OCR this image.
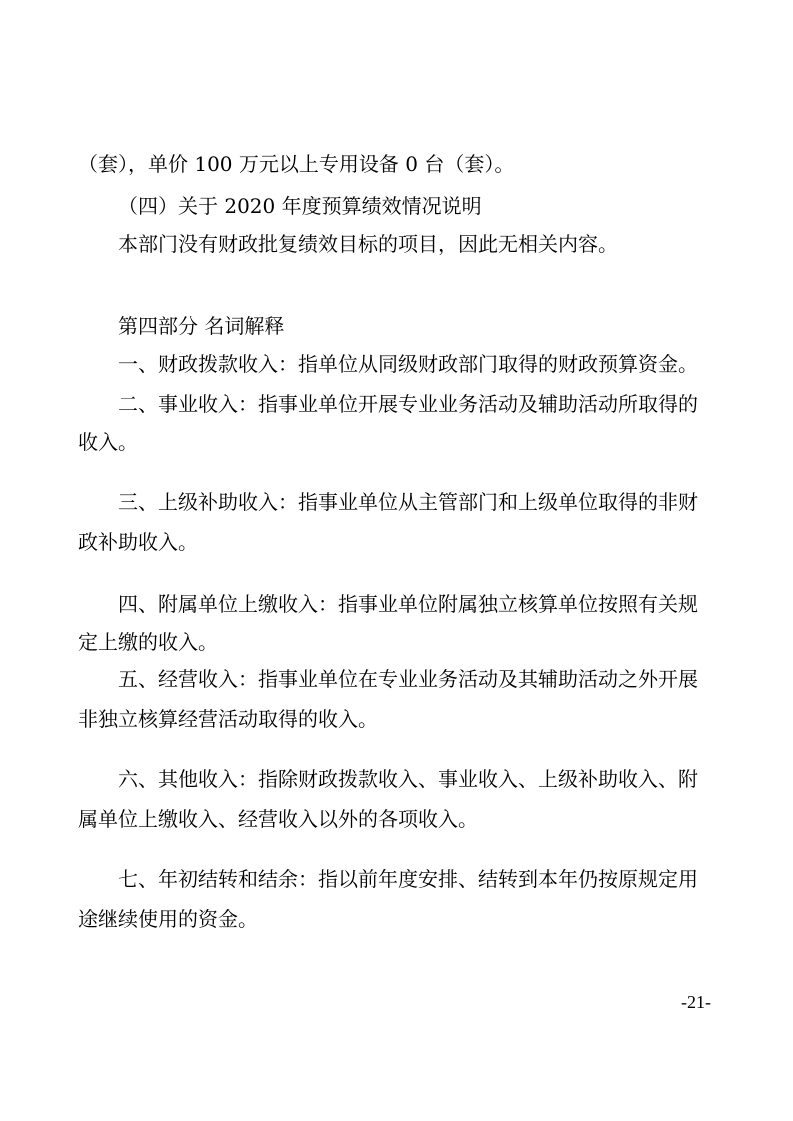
（套），单价 100 万元以上专用设备 0 台（套）。
（四）关于 2020 年度预算绩效情况说明
本部门没有财政批复绩效目标的项目，因此无相关内容。
第四部分 名词解释
一、财政拨款收入：指单位从同级财政部门取得的财政预算资金。
二、事业收入：指事业单位开展专业业务活动及辅助活动所取得的
收入。
三、上级补助收入：指事业单位从主管部门和上级单位取得的非财
政补助收入。
四、附属单位上缴收入：指事业单位附属独立核算单位按照有关规
定上缴的收入。
五、经营收入：指事业单位在专业业务活动及其辅助活动之外开展
非独立核算经营活动取得的收入。
六、其他收入：指除财政拨款收入、事业收入、上级补助收入、附
属单位上缴收入、经营收入以外的各项收入。
七、年初结转和结余：指以前年度安排、结转到本年仍按原规定用
途继续使用的资金。
-21-
